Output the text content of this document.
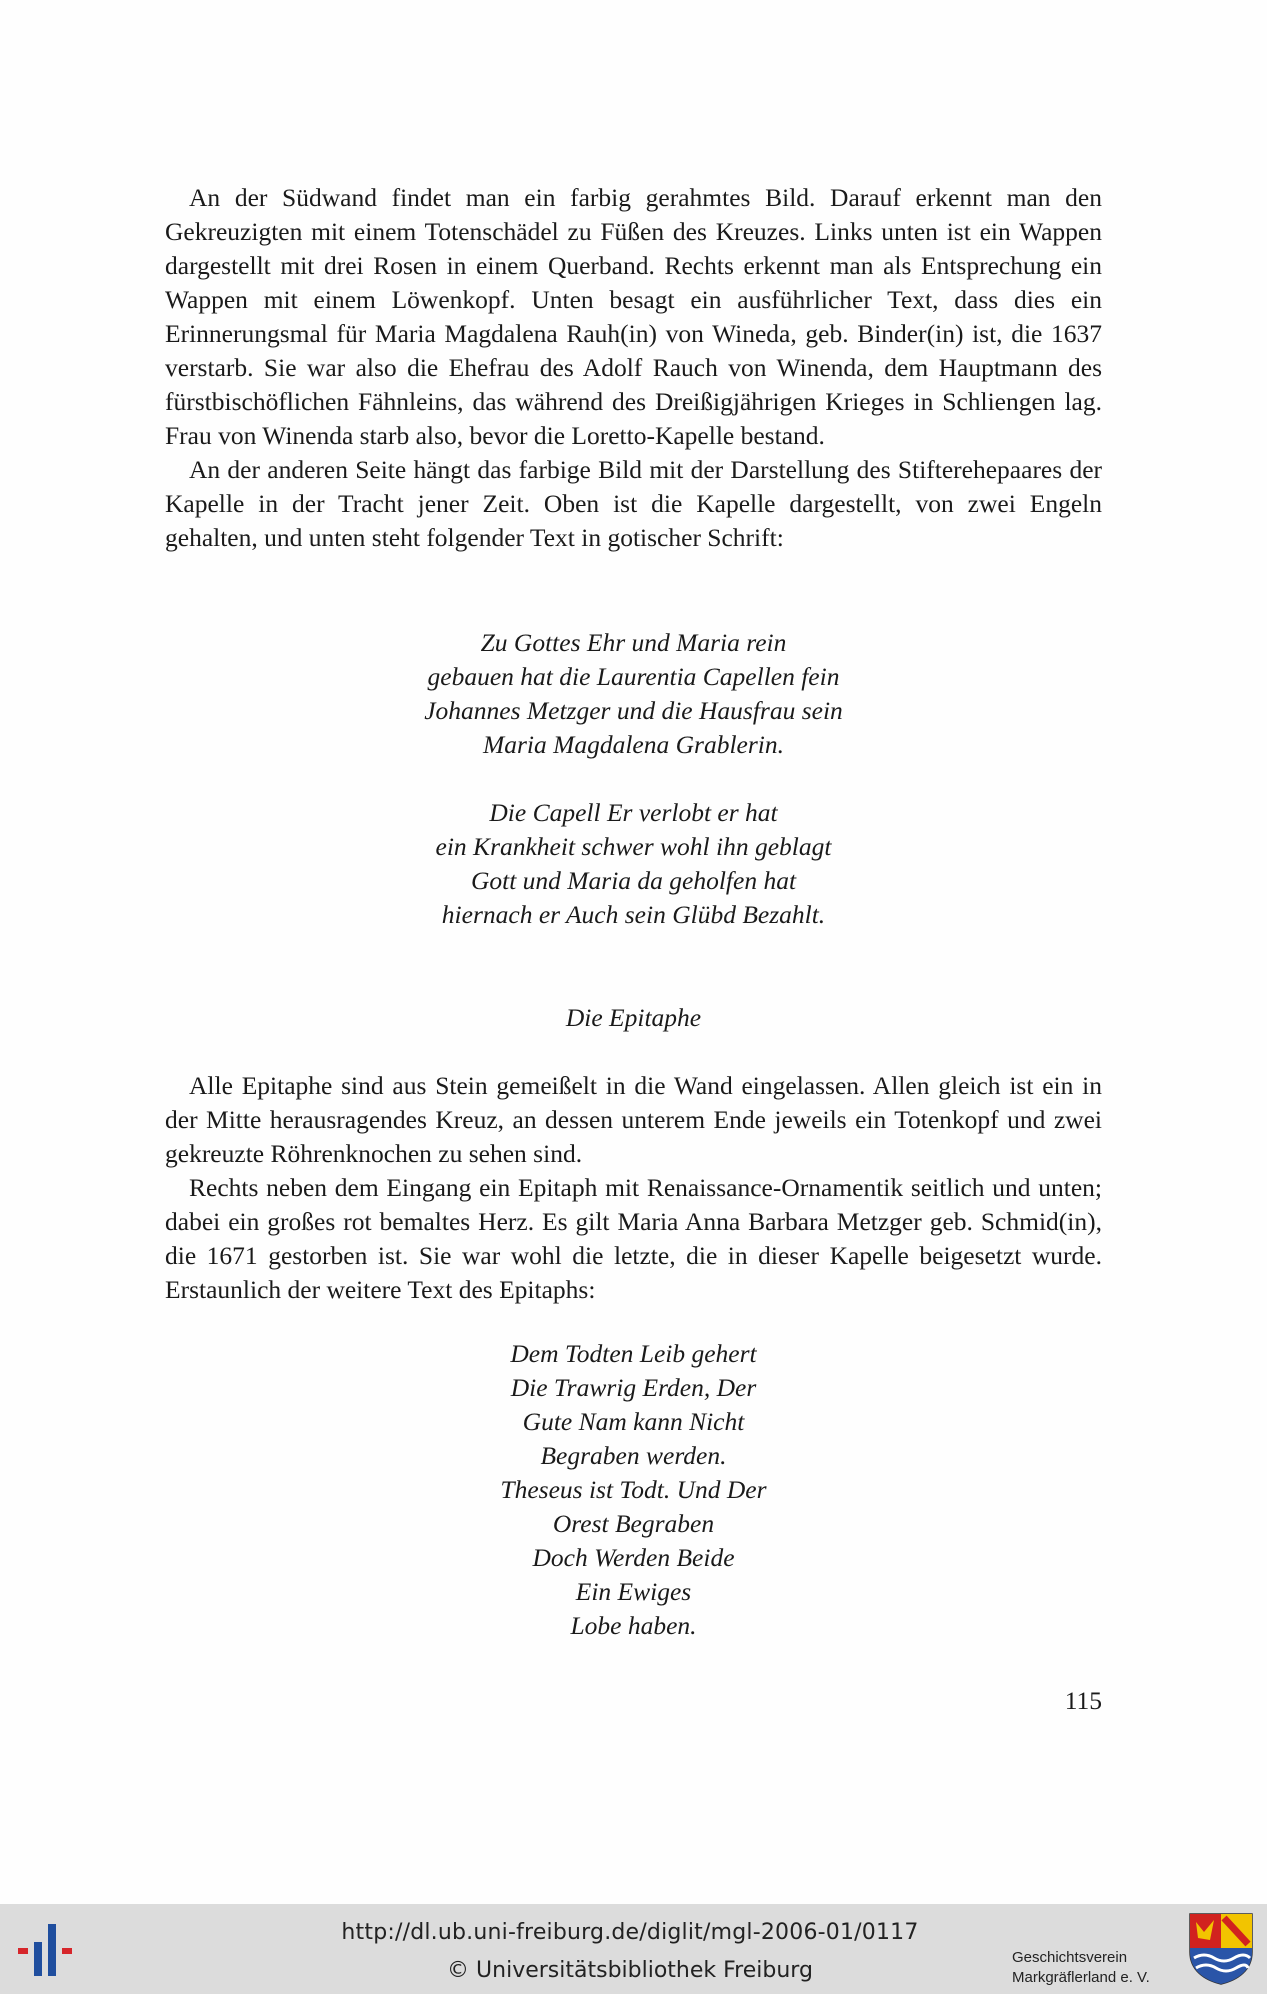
An der Südwand findet man ein farbig gerahmtes Bild. Darauf erkennt man den Gekreuzigten mit einem Totenschädel zu Füßen des Kreuzes. Links unten ist ein Wappen dargestellt mit drei Rosen in einem Querband. Rechts erkennt man als Entsprechung ein Wappen mit einem Löwenkopf. Unten besagt ein ausführlicher Text, dass dies ein Erinnerungsmal für Maria Magdalena Rauh(in) von Wineda, geb. Binder(in) ist, die 1637 verstarb. Sie war also die Ehefrau des Adolf Rauch von Winenda, dem Hauptmann des fürstbischöflichen Fähnleins, das während des Dreißigjährigen Krieges in Schliengen lag. Frau von Winenda starb also, bevor die Loretto-Kapelle bestand.

An der anderen Seite hängt das farbige Bild mit der Darstellung des Stifterehepaares der Kapelle in der Tracht jener Zeit. Oben ist die Kapelle dargestellt, von zwei Engeln gehalten, und unten steht folgender Text in gotischer Schrift:

Zu Gottes Ehr und Maria rein

gebauen hat die Laurentia Capellen fein

Johannes Metzger und die Hausfrau sein

Maria Magdalena Grablerin.

Die Capell Er verlobt er hat

ein Krankheit schwer wohl ihn geblagt

Gott und Maria da geholfen hat

hiernach er Auch sein Glübd Bezahlt.

Die Epitaphe

Alle Epitaphe sind aus Stein gemeißelt in die Wand eingelassen. Allen gleich ist ein in der Mitte herausragendes Kreuz, an dessen unterem Ende jeweils ein Totenkopf und zwei gekreuzte Röhrenknochen zu sehen sind.

Rechts neben dem Eingang ein Epitaph mit Renaissance-Ornamentik seitlich und unten; dabei ein großes rot bemaltes Herz. Es gilt Maria Anna Barbara Metzger geb. Schmid(in), die 1671 gestorben ist. Sie war wohl die letzte, die in dieser Kapelle beigesetzt wurde. Erstaunlich der weitere Text des Epitaphs:

Dem Todten Leib gehert

Die Trawrig Erden, Der

Gute Nam kann Nicht

Begraben werden.

Theseus ist Todt. Und Der

Orest Begraben

Doch Werden Beide

Ein Ewiges

Lobe haben.

115
http://dl.ub.uni-freiburg.de/diglit/mgl-2006-01/0117
© Universitätsbibliothek Freiburg
Geschichtsverein
Markgräflerland e. V.
